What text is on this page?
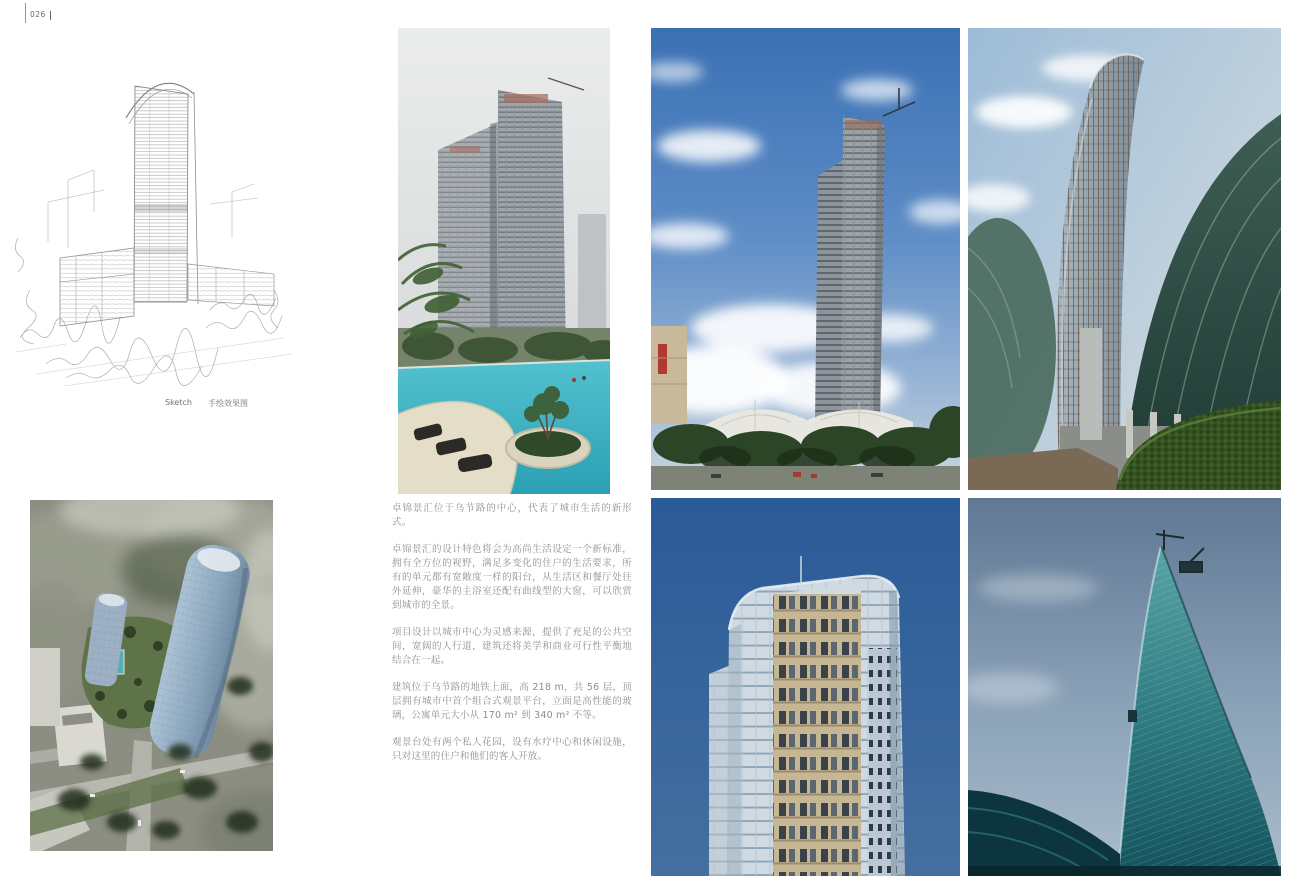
026
Sketch 手绘效果图

卓锦景汇位于乌节路的中心，代表了城市生活的新形式。

卓锦景汇的设计特色将会为高尚生活设定一个新标准，拥有全方位的视野，满足多变化的住户的生活要求，所有的单元都有宽敞度一样的阳台，从生活区和餐厅处往外延伸，豪华的主浴室还配有曲线型的大窗，可以欣赏到城市的全景。

项目设计以城市中心为灵感来源，提供了充足的公共空间，宽阔的人行道，建筑还将美学和商业可行性平衡地结合在一起。

建筑位于乌节路的地铁上面，高 218 m，共 56 层，顶层拥有城市中首个组合式观景平台，立面是高性能的玻璃，公寓单元大小从 170 m² 到 340 m² 不等。

观景台处有两个私人花园，设有水疗中心和休闲设施，只对这里的住户和他们的客人开放。
